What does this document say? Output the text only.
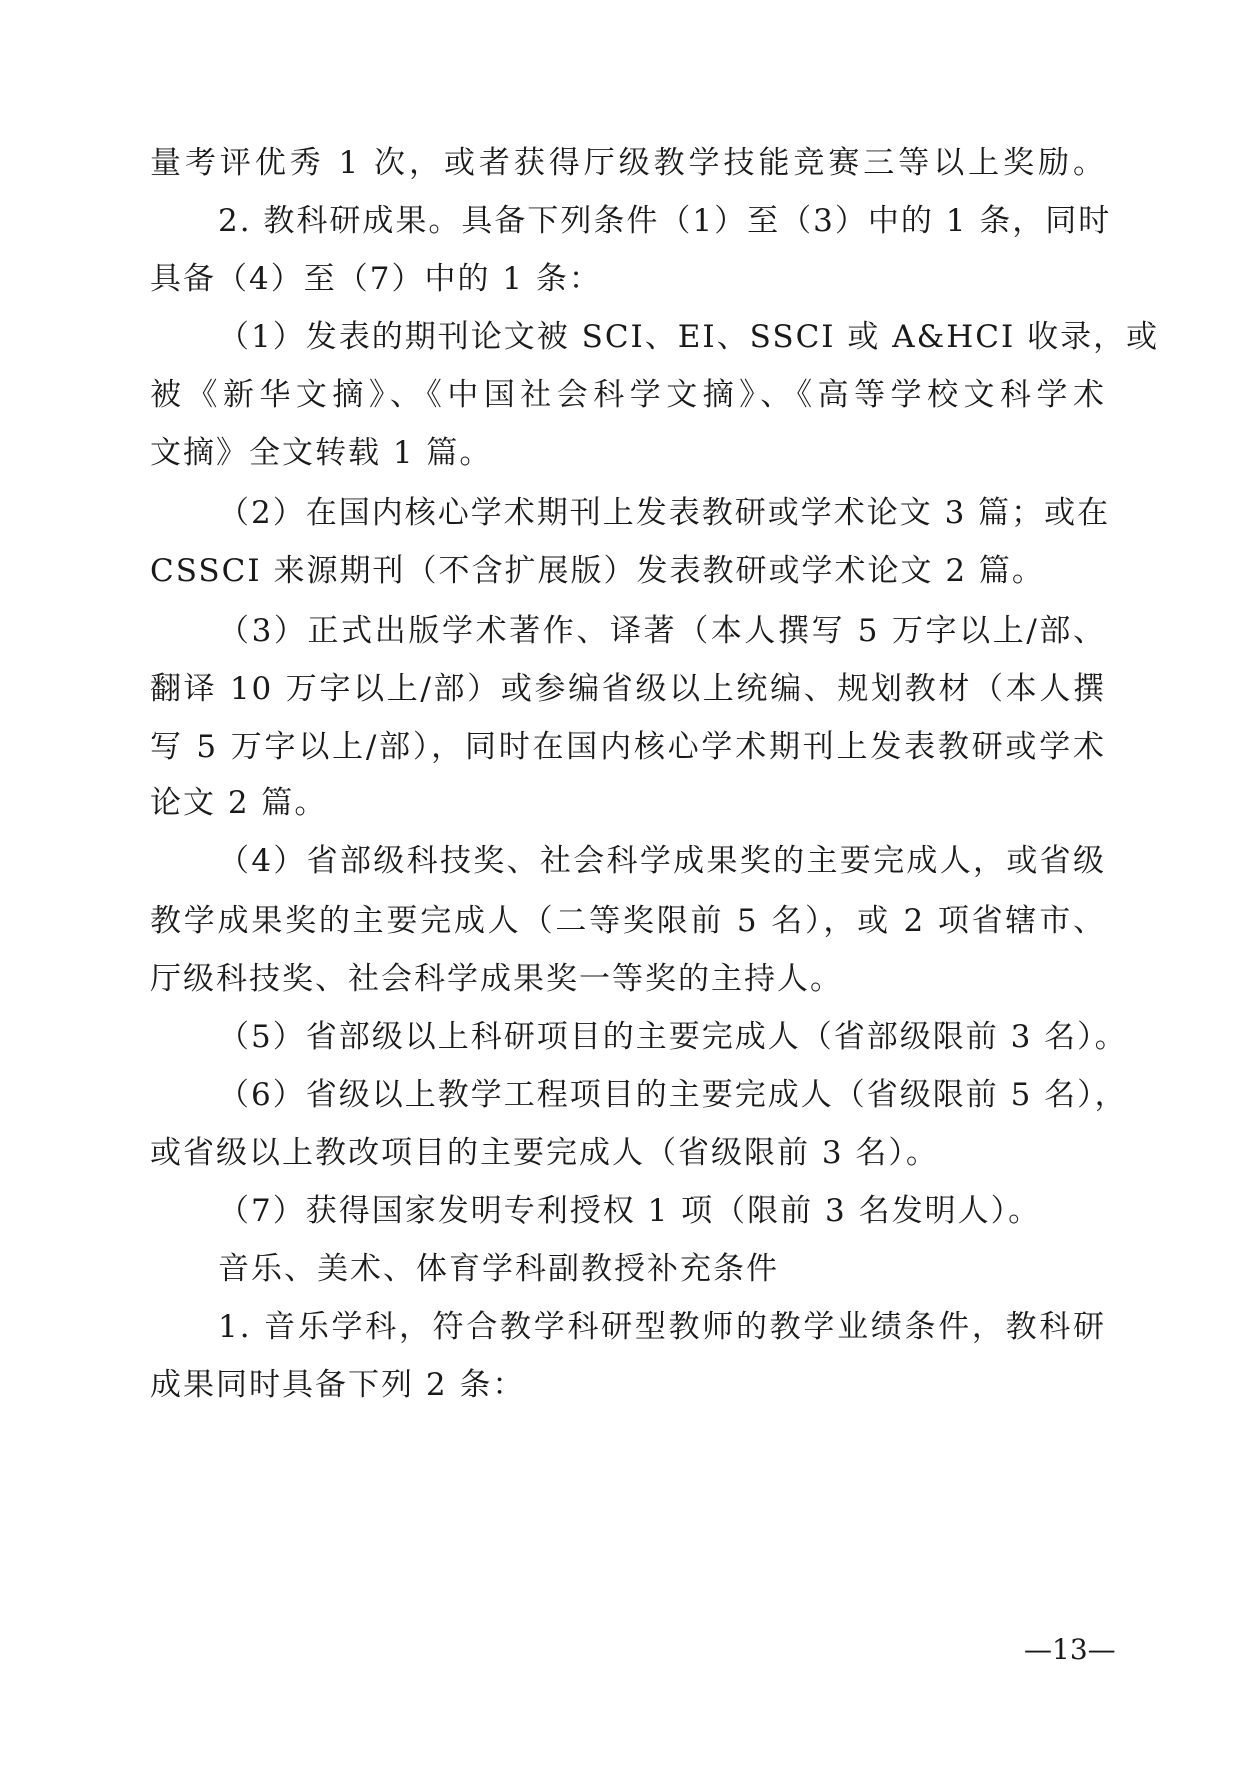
量考评优秀 1 次，或者获得厅级教学技能竞赛三等以上奖励。
2. 教科研成果。具备下列条件（1）至（3）中的 1 条，同时
具备（4）至（7）中的 1 条：
（1）发表的期刊论文被 SCI、EI、SSCI 或 A&HCI 收录，或
被《新华文摘》、《中国社会科学文摘》、《高等学校文科学术
文摘》全文转载 1 篇。
（2）在国内核心学术期刊上发表教研或学术论文 3 篇；或在
CSSCI 来源期刊（不含扩展版）发表教研或学术论文 2 篇。
（3）正式出版学术著作、译著（本人撰写 5 万字以上/部、
翻译 10 万字以上/部）或参编省级以上统编、规划教材（本人撰
写 5 万字以上/部），同时在国内核心学术期刊上发表教研或学术
论文 2 篇。
（4）省部级科技奖、社会科学成果奖的主要完成人，或省级
教学成果奖的主要完成人（二等奖限前 5 名），或 2 项省辖市、
厅级科技奖、社会科学成果奖一等奖的主持人。
（5）省部级以上科研项目的主要完成人（省部级限前 3 名）。
（6）省级以上教学工程项目的主要完成人（省级限前 5 名），
或省级以上教改项目的主要完成人（省级限前 3 名）。
（7）获得国家发明专利授权 1 项（限前 3 名发明人）。
音乐、美术、体育学科副教授补充条件
1. 音乐学科，符合教学科研型教师的教学业绩条件，教科研
成果同时具备下列 2 条：
—13—
